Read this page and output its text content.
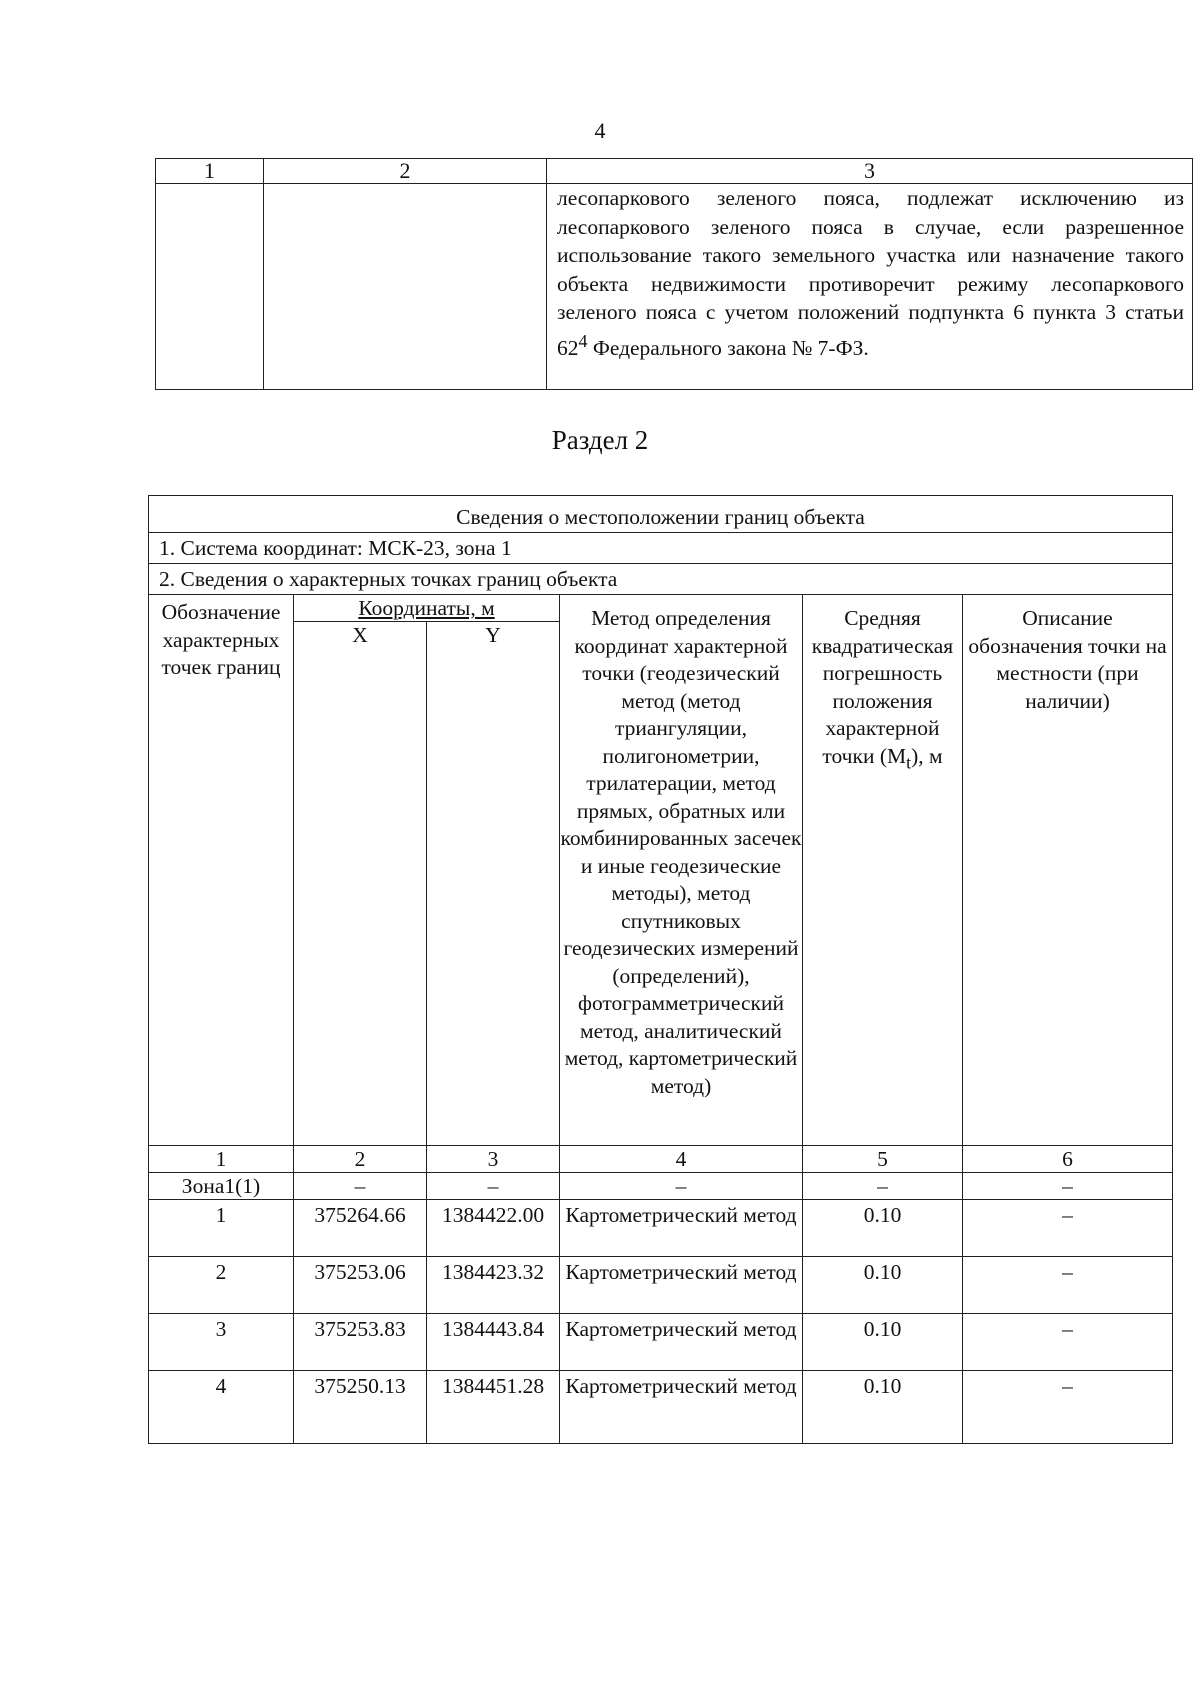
4
1	2	3

		лесопаркового зеленого пояса, подлежат исключению из лесопаркового зеленого пояса в случае, если разрешенное использование такого земельного участка или назначение такого объекта недвижимости противоречит режиму лесопаркового зеленого пояса с учетом положений подпункта 6 пункта 3 статьи $62^4$ Федерального закона № 7-ФЗ.
Раздел 2
Сведения о местоположении границ объекта					
1. Система координат: МСК-23, зона 1					
2. Сведения о характерных точках границ объекта					
Обозначение характерных точек границ	Координаты, м		Метод определения координат характерной точки (геодезический метод (метод триангуляции, полигонометрии, трилатерации, метод прямых, обратных или комбинированных засечек и иные геодезические методы), метод спутниковых геодезических измерений (определений), фотограмметрический метод, аналитический метод, картометрический метод)	Средняя квадратическая погрешность положения характерной точки $(M_t)$, м	Описание обозначения точки на местности (при наличии)
	X	Y			
1	2	3	4	5	6
Зона1(1)	–	–	–	–	–
1	375264.66	1384422.00	Картометрический метод	0.10	–
2	375253.06	1384423.32	Картометрический метод	0.10	–
3	375253.83	1384443.84	Картометрический метод	0.10	–
4	375250.13	1384451.28	Картометрический метод	0.10	–
